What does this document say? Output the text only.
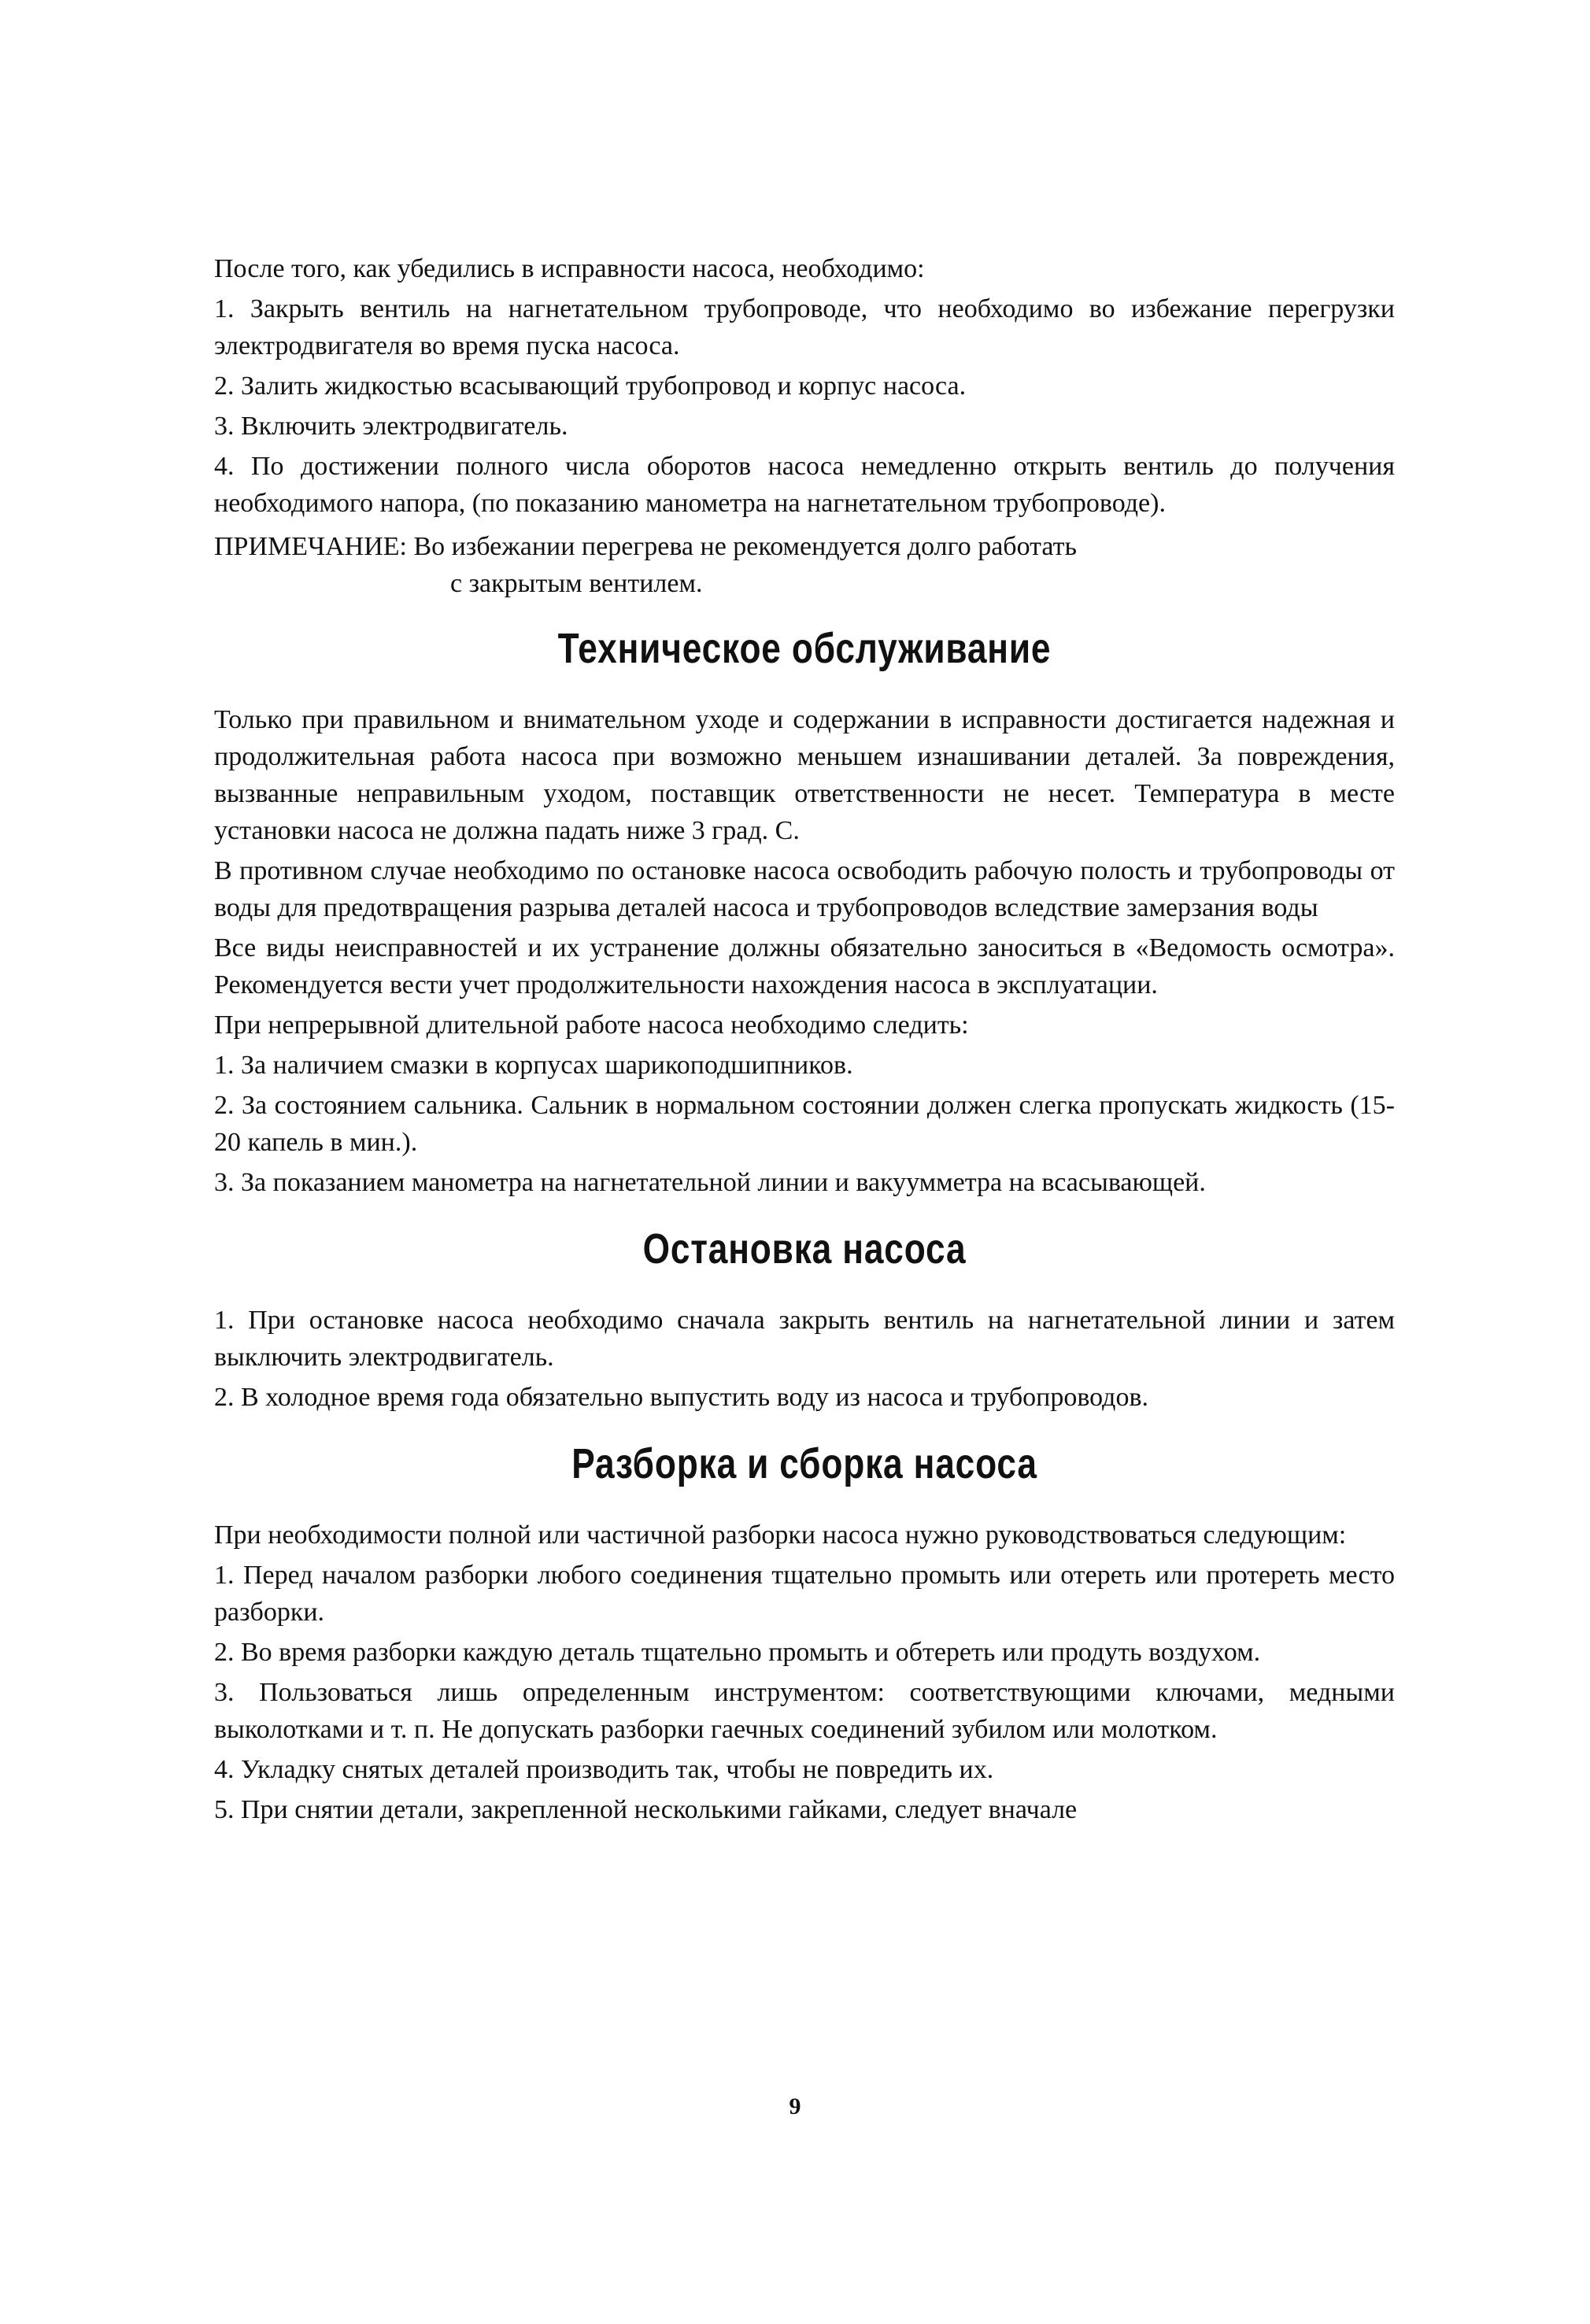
После того, как убедились в исправности насоса, необходимо:

1. Закрыть вентиль на нагнетательном трубопроводе, что необходимо во избежание перегрузки электродвигателя во время пуска насоса.

2. Залить жидкостью всасывающий трубопровод и корпус насоса.

3. Включить электродвигатель.

4. По достижении полного числа оборотов насоса немедленно открыть вентиль до получения необходимого напора, (по показанию манометра на нагнетательном трубопроводе).

ПРИМЕЧАНИЕ: Во избежании перегрева не рекомендуется долго работать

с закрытым вентилем.

Техническое обслуживание

Только при правильном и внимательном уходе и содержании в исправности достигается надежная и продолжительная работа насоса при возможно меньшем изнашивании деталей. За повреждения, вызванные неправильным уходом, поставщик ответственности не несет. Температура в месте установки насоса не должна падать ниже 3 град. С.

В противном случае необходимо по остановке насоса освободить рабочую полость и трубопроводы от воды для предотвращения разрыва деталей насоса и трубопроводов вследствие замерзания воды

Все виды неисправностей и их устранение должны обязательно заноситься в «Ведомость осмотра». Рекомендуется вести учет продолжительности нахождения насоса в эксплуатации.

При непрерывной длительной работе насоса необходимо следить:

1. За наличием смазки в корпусах шарикоподшипников.

2. За состоянием сальника. Сальник в нормальном состоянии должен слегка пропускать жидкость (15-20 капель в мин.).

3. За показанием манометра на нагнетательной линии и вакуумметра на всасывающей.

Остановка насоса

1. При остановке насоса необходимо сначала закрыть вентиль на нагнетательной линии и затем выключить электродвигатель.

2. В холодное время года обязательно выпустить воду из насоса и трубопроводов.

Разборка и сборка насоса

При необходимости полной или частичной разборки насоса нужно руководствоваться следующим:

1. Перед началом разборки любого соединения тщательно промыть или отереть или протереть место разборки.

2. Во время разборки каждую деталь тщательно промыть и обтереть или продуть воздухом.

3. Пользоваться лишь определенным инструментом: соответствующими ключами, медными выколотками и т. п. Не допускать разборки гаечных соединений зубилом или молотком.

4. Укладку снятых деталей производить так, чтобы не повредить их.

5. При снятии детали, закрепленной несколькими гайками, следует вначале

9
